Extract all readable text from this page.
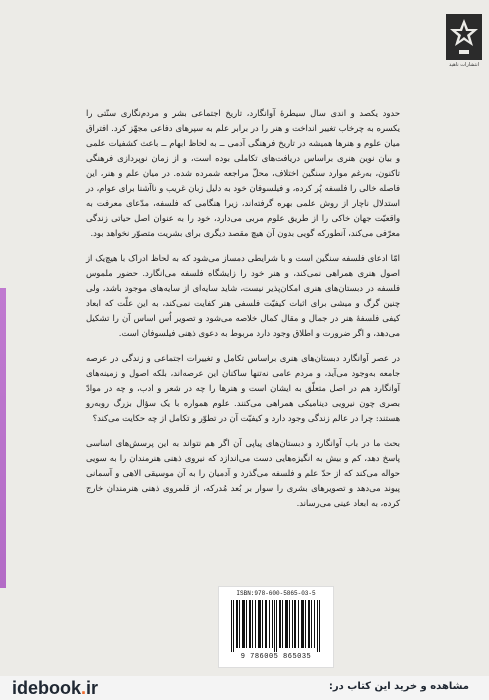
انتشارات ناهید

حدود یکصد و اندی سال سیطرهٔ آوانگارد، تاریخ اجتماعی بشر و مردم‌نگاری سنّتی را یکسره به چرخاب تغییر انداخت و هنر را در برابر علم به سپرهای دفاعی مجهّز کرد. افتراق میان علوم و هنرها همیشه در تاریخ فرهنگی آدمی ــ به لحاظ ابهام ــ باعث کشفیات علمی و بیان نوین هنری براساس دریافت‌های تکاملی بوده است، و از زمان نوپردازی فرهنگی تاکنون، به‌رغم موارد سنگین اختلاف، محلّ مراجعه شمرده شده. در میان علم و هنر، این فاصله خالی را فلسفه پُر کرده، و فیلسوفان خود به دلیل زبان غریب و ناآشنا برای عوام، در استدلال ناچار از روش علمی بهره گرفته‌اند، زیرا هنگامی که فلسفه، مدّعای معرفت به واقعیّت جهان خاکی را از طریق علوم مربی می‌دارد، خود را به عنوان اصل حیاتی زندگی معرّفی می‌کند، آنطورکه گویی بدون آن هیچ مقصد دیگری برای بشریت متصوّر نخواهد بود.

امّا ادعای فلسفه سنگین است و با شرایطی دمساز می‌شود که به لحاظ ادراک با هیچ‌یک از اصول هنری همراهی نمی‌کند، و هنر خود را زایشگاه فلسفه می‌انگارد. حضور ملموس فلسفه در دبستان‌های هنری امکان‌پذیر نیست، شاید سایه‌ای از سایه‌های موجود باشد، ولی چنین گرگ و میشی برای اثبات کیفیّت فلسفی هنر کفایت نمی‌کند، به این علّت که ابعاد کیفی فلسفهٔ هنر در جمال و مقال کمال خلاصه می‌شود و تصویر اُس اساس آن را تشکیل می‌دهد، و اگر ضرورت و اطلاق وجود دارد مربوط به دعوی ذهنی فیلسوفان است.

در عصر آوانگارد دبستان‌های هنری براساس تکامل و تغییرات اجتماعی و زندگی در عرصه جامعه به‌وجود می‌آید، و مردم عامی نه‌تنها ساکنان این عرصه‌اند، بلکه اصول و زمینه‌های آوانگارد هم در اصل متعلّق به ایشان است و هنرها را چه در شعر و ادب، و چه در موادّ بصری چون نیرویی دینامیکی همراهی می‌کنند. علوم همواره با یک سؤال بزرگ روبه‌رو هستند: چرا در عالم زندگی وجود دارد و کیفیّت آن در تطوّر و تکامل از چه حکایت می‌کند؟

بحث ما در باب آوانگارد و دبستان‌های پیاپی آن اگر هم نتواند به این پرسش‌های اساسی پاسخ دهد، کم و بیش به انگیزه‌هایی دست می‌اندازد که نیروی ذهنی هنرمندان را به سویی حواله می‌کند که از حدّ علم و فلسفه می‌گذرد و آدمیان را به آن موسیقی الاهی و آسمانی پیوند می‌دهد و تصویرهای بشری را سوار بر بُعد مُدرکه، از قلمروی ذهنی هنرمندان خارج کرده، به ابعاد عینی می‌رساند.

ISBN:978-600-5865-03-5
9 786005 865035
idebook.ir	مشاهده و خرید این کتاب در:
